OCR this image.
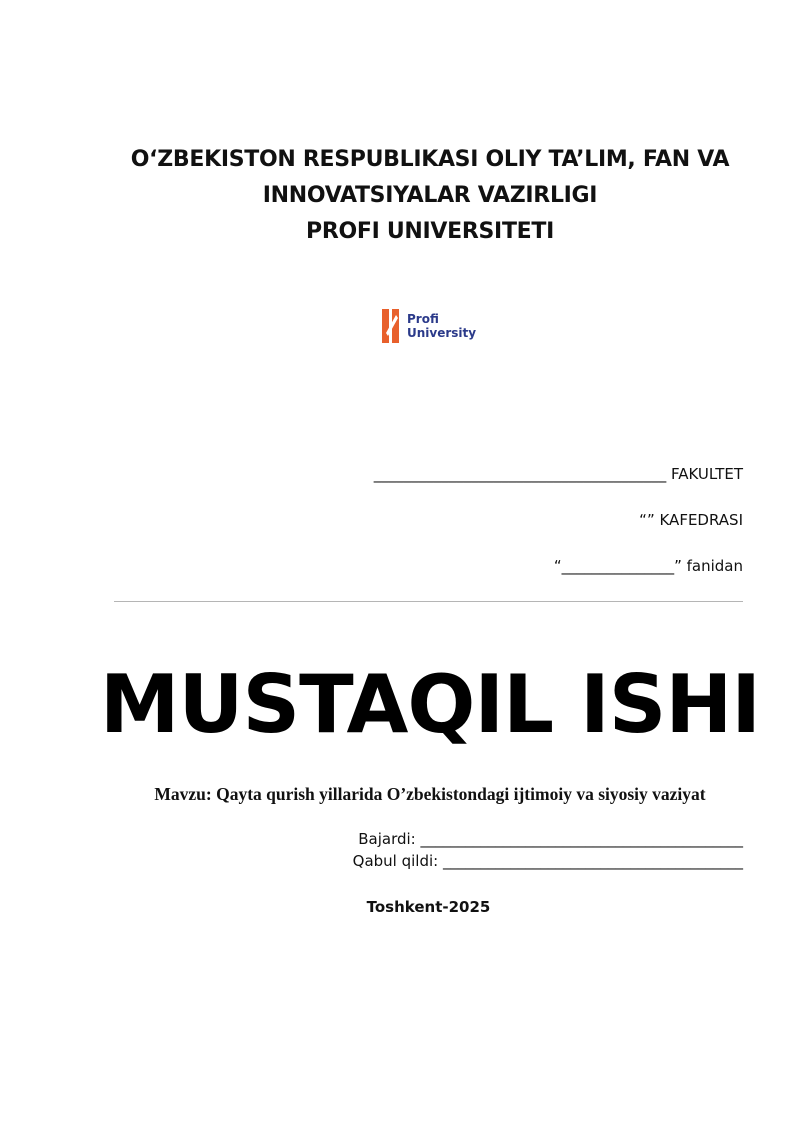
O‘ZBEKISTON RESPUBLIKASI OLIY TA’LIM, FAN VA
INNOVATSIYALAR VAZIRLIGI
PROFI UNIVERSITETI
Profi
University
_______________________________________ FAKULTET
“” KAFEDRASI
“_______________” fanidan
MUSTAQIL ISHI
Mavzu: Qayta qurish yillarida O’zbekistondagi ijtimoiy va siyosiy vaziyat
Bajardi: ___________________________________________
Qabul qildi: ________________________________________
Toshkent-2025
